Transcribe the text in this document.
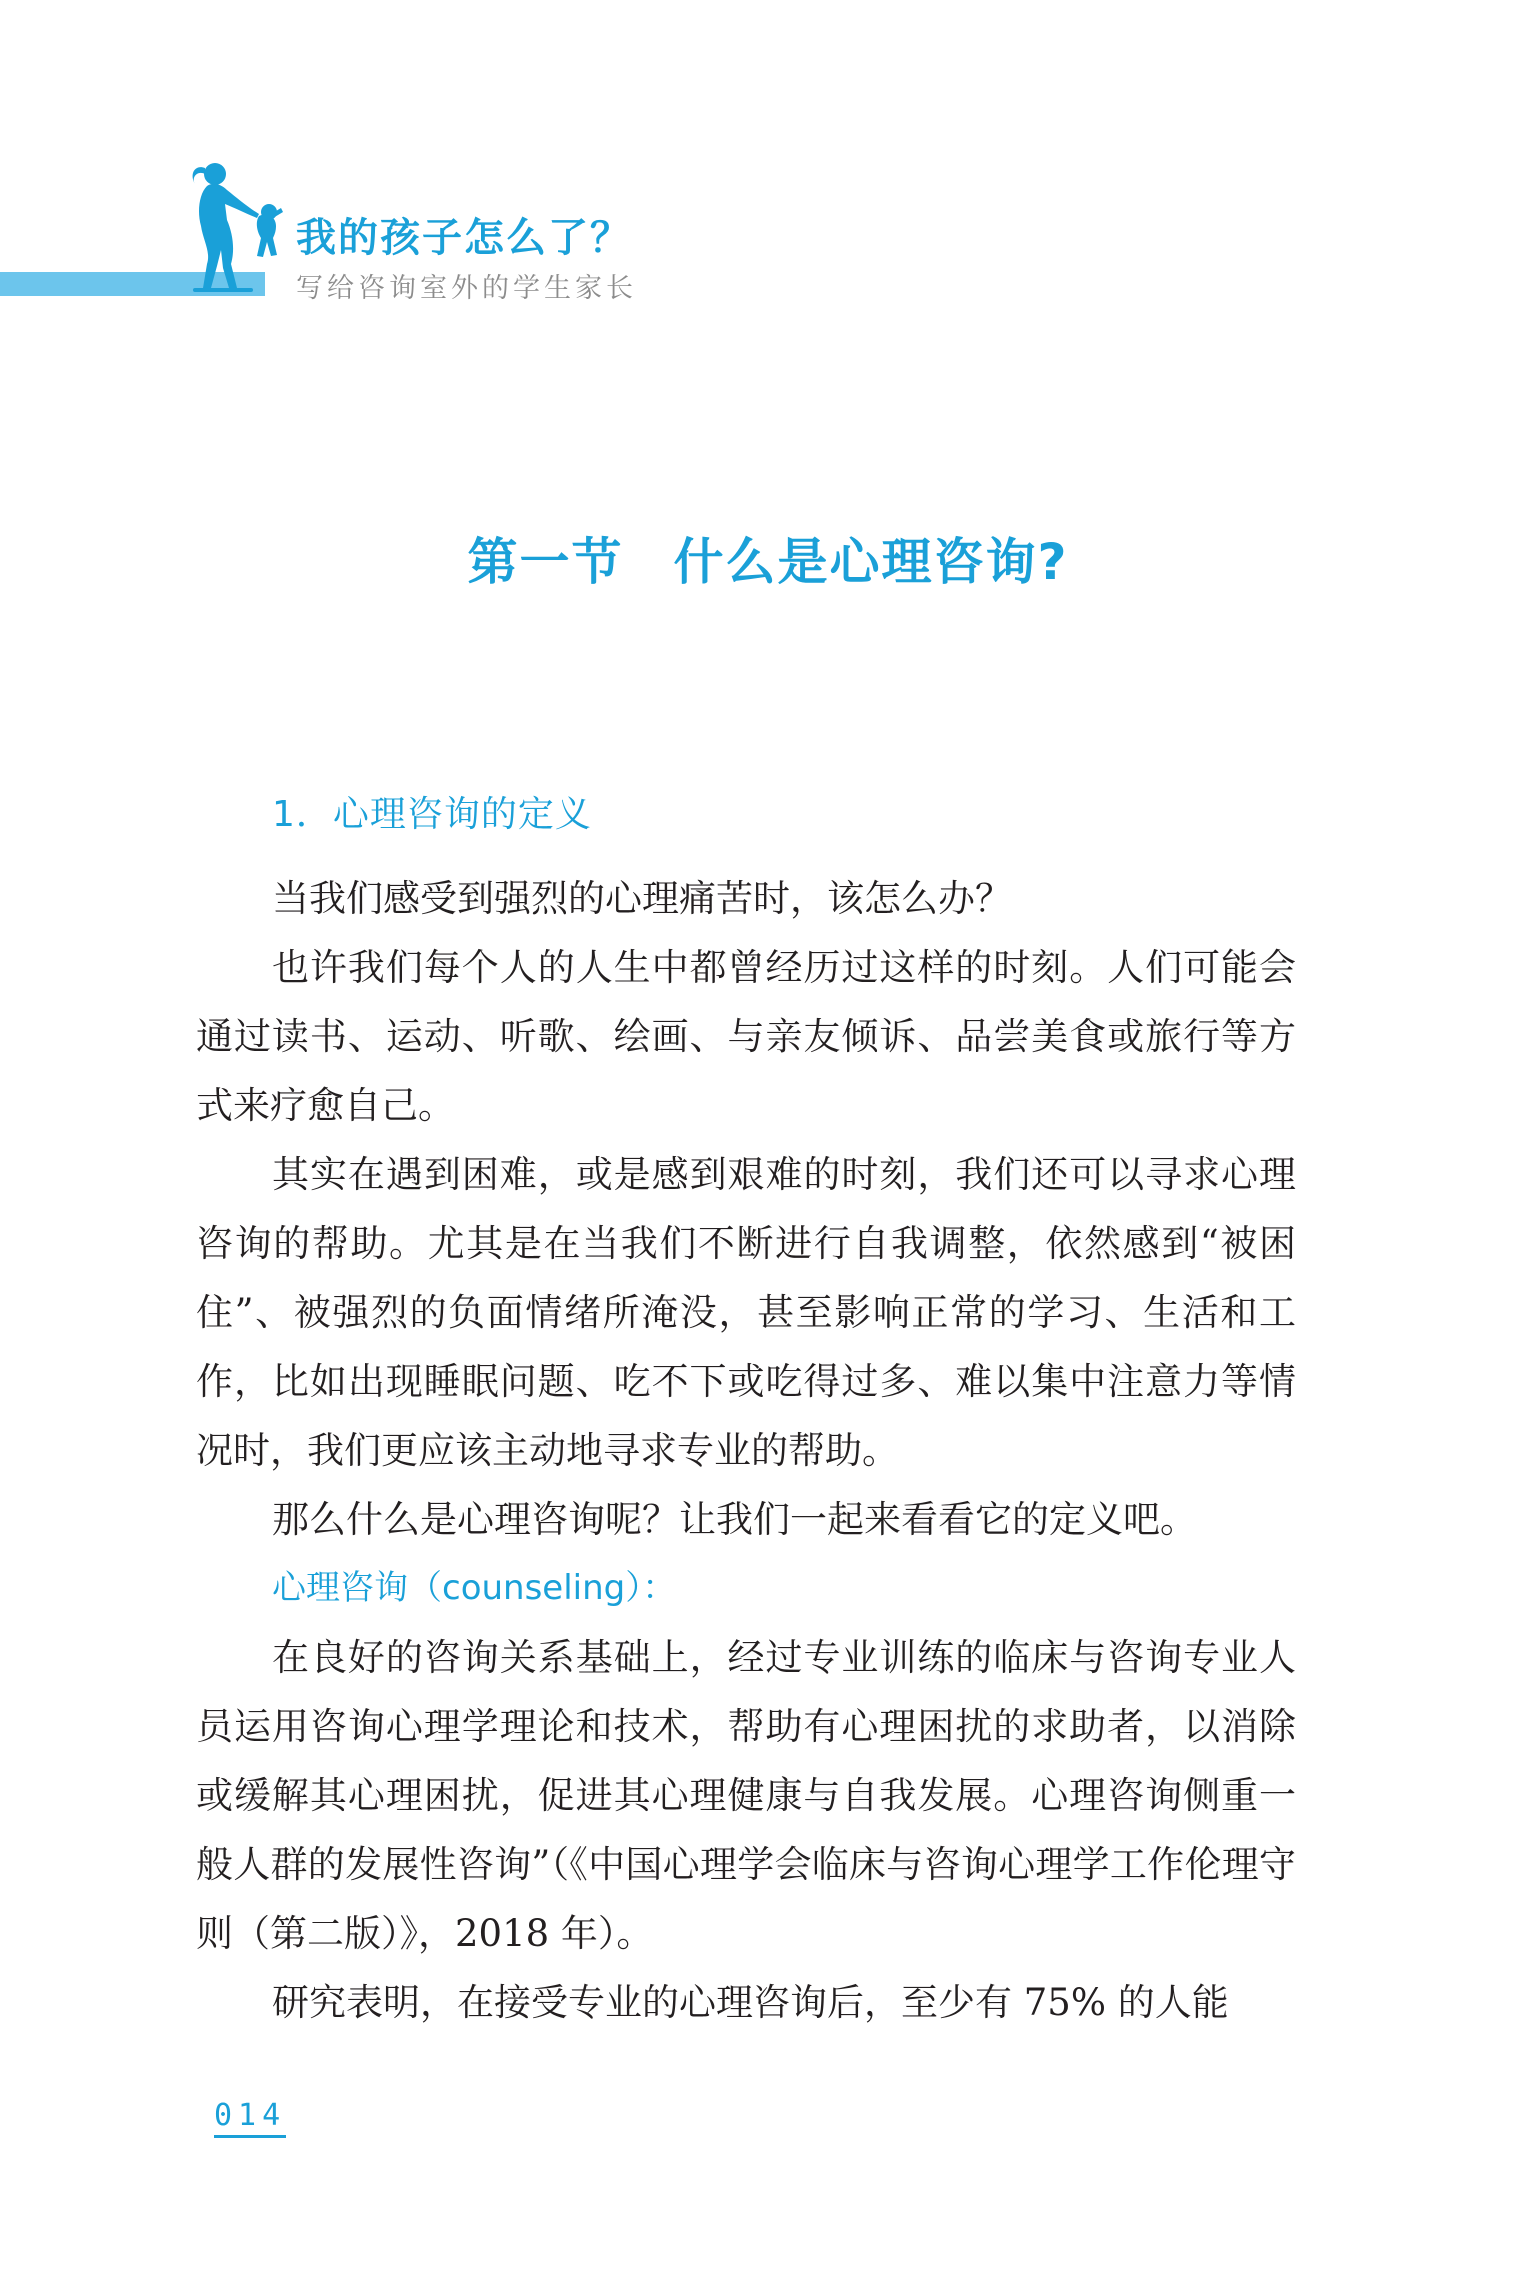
我的孩子怎么了？
写给咨询室外的学生家长
第一节 什么是心理咨询?
1．心理咨询的定义

当我们感受到强烈的心理痛苦时，该怎么办？

也许我们每个人的人生中都曾经历过这样的时刻。人们可能会通过读书、运动、听歌、绘画、与亲友倾诉、品尝美食或旅行等方式来疗愈自己。

其实在遇到困难，或是感到艰难的时刻，我们还可以寻求心理咨询的帮助。尤其是在当我们不断进行自我调整，依然感到“被困住”、被强烈的负面情绪所淹没，甚至影响正常的学习、生活和工作，比如出现睡眠问题、吃不下或吃得过多、难以集中注意力等情况时，我们更应该主动地寻求专业的帮助。

那么什么是心理咨询呢？让我们一起来看看它的定义吧。

心理咨询（counseling）：

在良好的咨询关系基础上，经过专业训练的临床与咨询专业人员运用咨询心理学理论和技术，帮助有心理困扰的求助者，以消除或缓解其心理困扰，促进其心理健康与自我发展。心理咨询侧重一般人群的发展性咨询”（《中国心理学会临床与咨询心理学工作伦理守则（第二版）》，2018 年）。

研究表明，在接受专业的心理咨询后，至少有 75% 的人能

014
